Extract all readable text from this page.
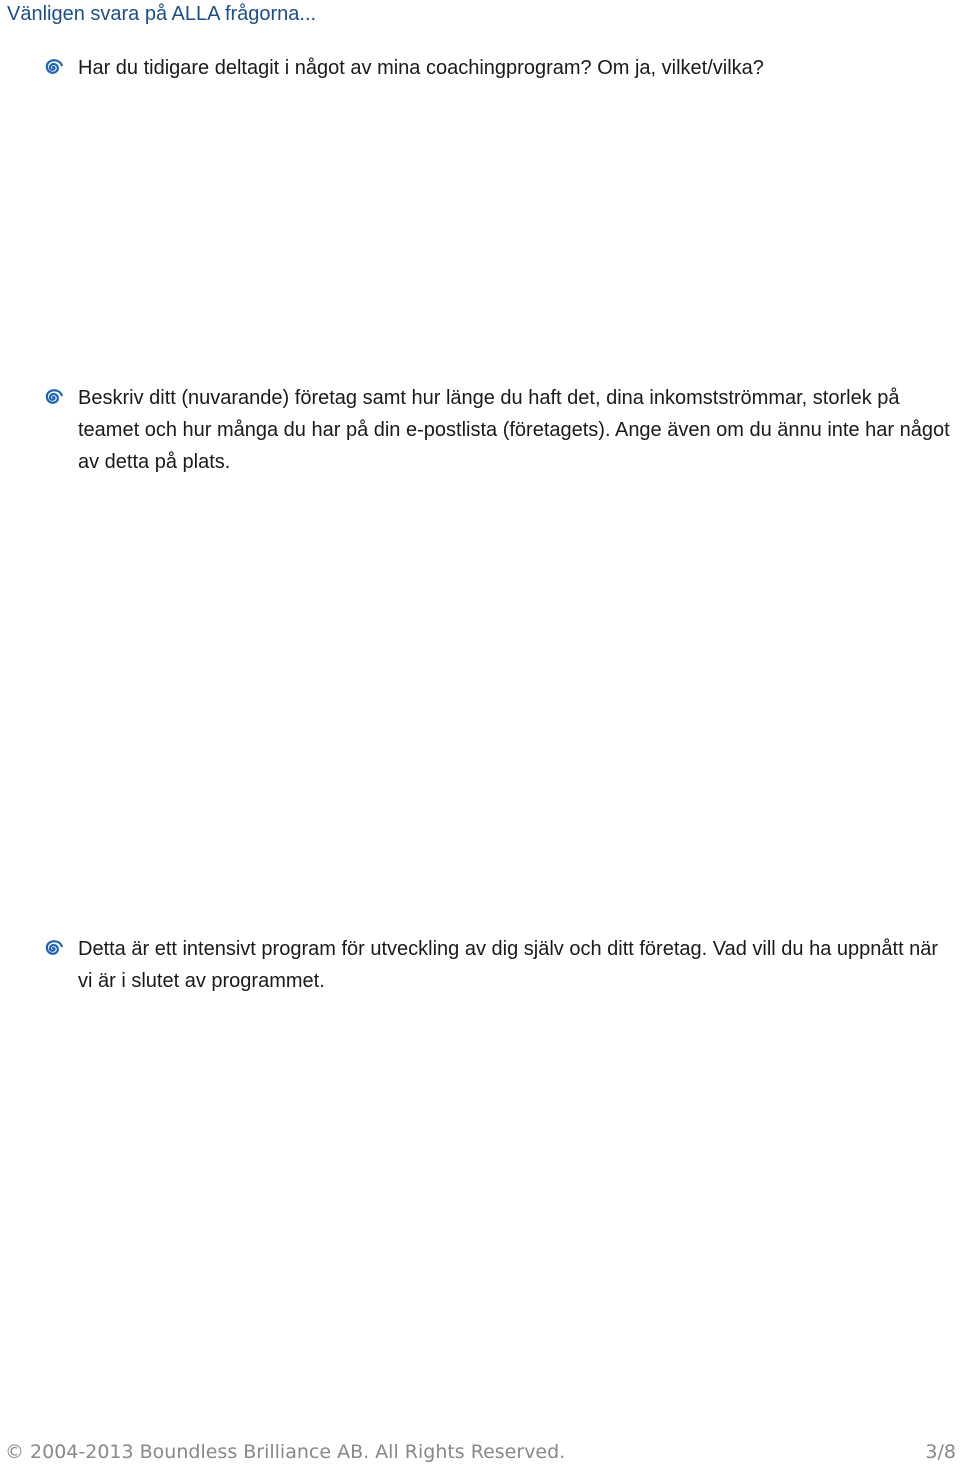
Vänligen svara på ALLA frågorna...
Har du tidigare deltagit i något av mina coachingprogram? Om ja, vilket/vilka?
Beskriv ditt (nuvarande) företag samt hur länge du haft det, dina inkomstströmmar, storlek på teamet och hur många du har på din e-postlista (företagets). Ange även om du ännu inte har något av detta på plats.
Detta är ett intensivt program för utveckling av dig själv och ditt företag. Vad vill du ha uppnått när vi är i slutet av programmet.
© 2004-2013 Boundless Brilliance AB. All Rights Reserved.	3/8
